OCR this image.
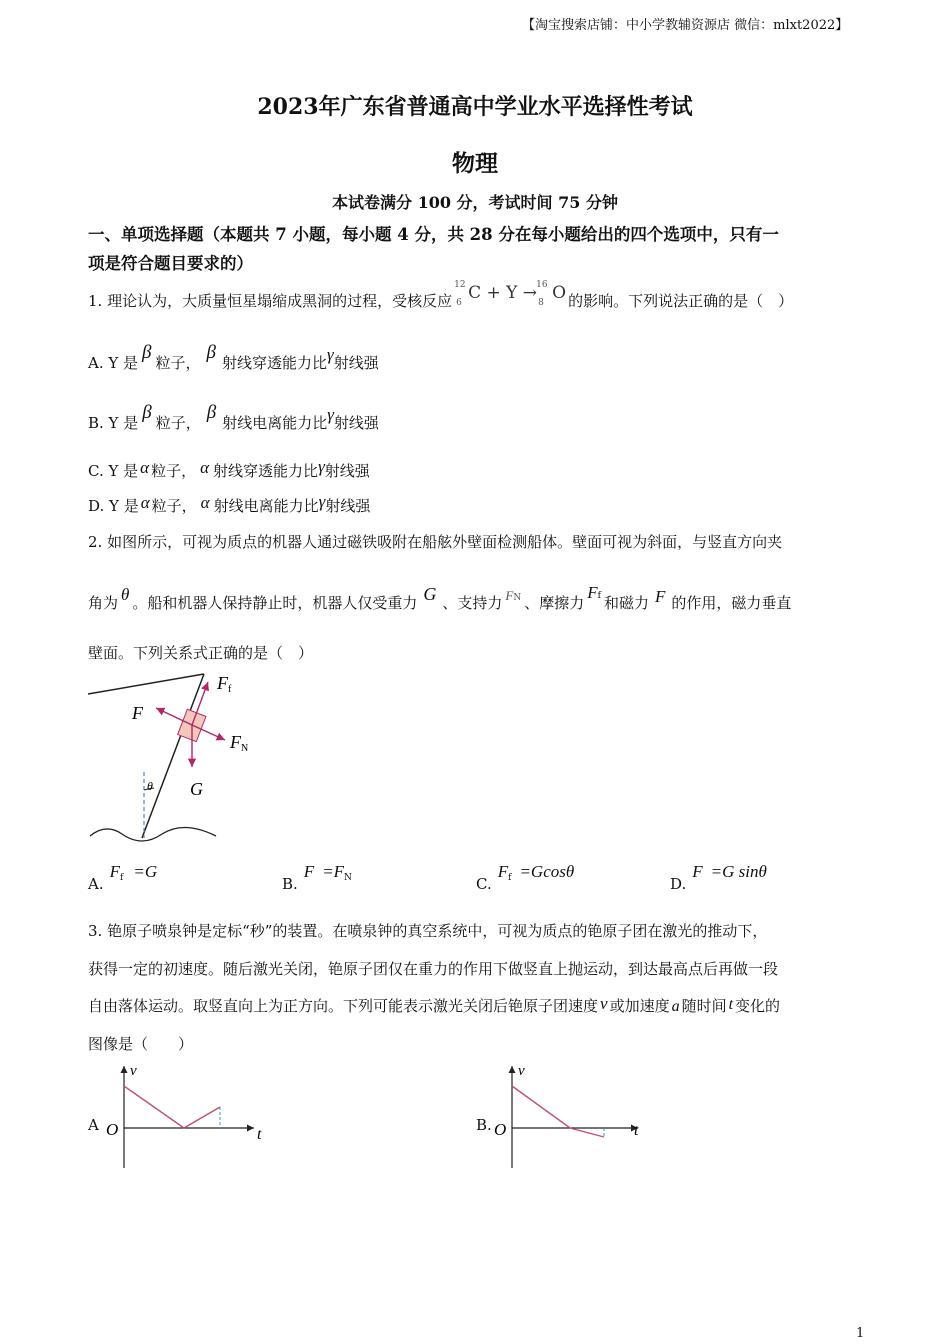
【淘宝搜索店铺：中小学教辅资源店 微信：mlxt2022】
2023年广东省普通高中学业水平选择性考试
物理
本试卷满分 100 分，考试时间 75 分钟
一、单项选择题（本题共 7 小题，每小题 4 分，共 28 分在每小题给出的四个选项中，只有一
项是符合题目要求的）
1. 理论认为，大质量恒星塌缩成黑洞的过程，受核反应
12
6 C + Y → 16
8 O 的影响。下列说法正确的是（　）
A. Y 是 β 粒子， β 射线穿透能力比γ射线强
B. Y 是 β 粒子， β 射线电离能力比γ射线强
C. Y 是 α 粒子， α 射线穿透能力比γ射线强
D. Y 是 α 粒子， α 射线电离能力比γ射线强
2. 如图所示，可视为质点的机器人通过磁铁吸附在船舷外壁面检测船体。壁面可视为斜面，与竖直方向夹
角为 θ 。船和机器人保持静止时，机器人仅受重力 G 、支持力 FN 、摩擦力Ff 和磁力 F 的作用，磁力垂直
壁面。下列关系式正确的是（　）
θ
Ff
F
FN
G
$A.F_f =G$
$B.F =F_N$	$C.F_f =Gcos\theta$
D.F =G sinθ
3. 铯原子喷泉钟是定标“秒”的装置。在喷泉钟的真空系统中，可视为质点的铯原子团在激光的推动下，
获得一定的初速度。随后激光关闭，铯原子团仅在重力的作用下做竖直上抛运动，到达最高点后再做一段
自由落体运动。取竖直向上为正方向。下列可能表示激光关闭后铯原子团速度 v 或加速度 a 随时间 t 变化的
图像是（　　）
A
v
t
O	B.
v
t
O
1
